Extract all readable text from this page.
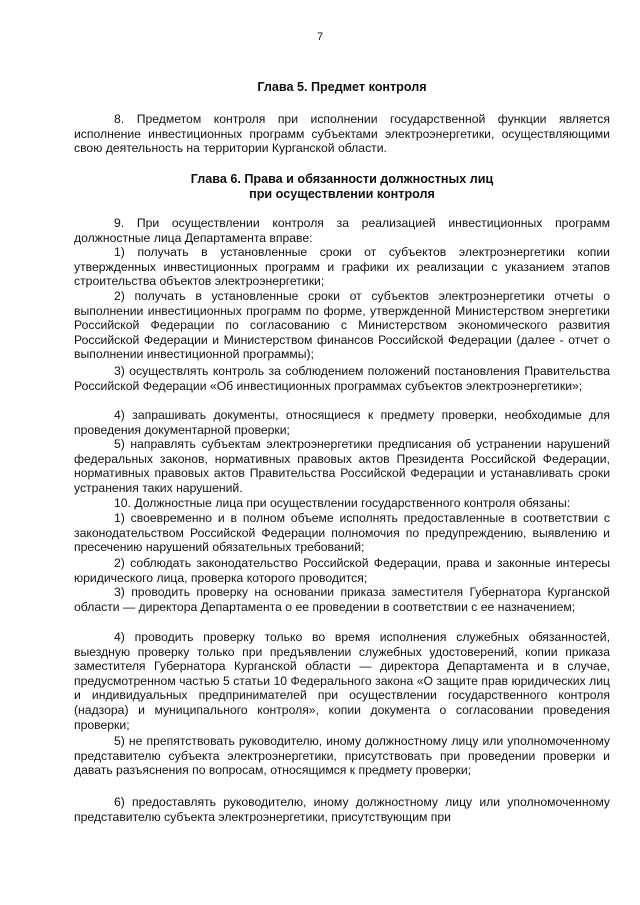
7
Глава 5. Предмет контроля
8. Предметом контроля при исполнении государственной функции является исполнение инвестиционных программ субъектами электроэнергетики, осуществляющими свою деятельность на территории Курганской области.
Глава 6. Права и обязанности должностных лиц
при осуществлении контроля
9. При осуществлении контроля за реализацией инвестиционных программ должностные лица Департамента вправе:
1) получать в установленные сроки от субъектов электроэнергетики копии утвержденных инвестиционных программ и графики их реализации с указанием этапов строительства объектов электроэнергетики;
2) получать в установленные сроки от субъектов электроэнергетики отчеты о выполнении инвестиционных программ по форме, утвержденной Министерством энергетики Российской Федерации по согласованию с Министерством экономического развития Российской Федерации и Министерством финансов Российской Федерации (далее - отчет о выполнении инвестиционной программы);
3) осуществлять контроль за соблюдением положений постановления Правительства Российской Федерации «Об инвестиционных программах субъектов электроэнергетики»;
4) запрашивать документы, относящиеся к предмету проверки, необходимые для проведения документарной проверки;
5) направлять субъектам электроэнергетики предписания об устранении нарушений федеральных законов, нормативных правовых актов Президента Российской Федерации, нормативных правовых актов Правительства Российской Федерации и устанавливать сроки устранения таких нарушений.
10. Должностные лица при осуществлении государственного контроля обязаны:
1) своевременно и в полном объеме исполнять предоставленные в соответствии с законодательством Российской Федерации полномочия по предупреждению, выявлению и пресечению нарушений обязательных требований;
2) соблюдать законодательство Российской Федерации, права и законные интересы юридического лица, проверка которого проводится;
3) проводить проверку на основании приказа заместителя Губернатора Курганской области — директора Департамента о ее проведении в соответствии с ее назначением;
4) проводить проверку только во время исполнения служебных обязанностей, выездную проверку только при предъявлении служебных удостоверений, копии приказа заместителя Губернатора Курганской области — директора Департамента и в случае, предусмотренном частью 5 статьи 10 Федерального закона «О защите прав юридических лиц и индивидуальных предпринимателей при осуществлении государственного контроля (надзора) и муниципального контроля», копии документа о согласовании проведения проверки;
5) не препятствовать руководителю, иному должностному лицу или уполномоченному представителю субъекта электроэнергетики, присутствовать при проведении проверки и давать разъяснения по вопросам, относящимся к предмету проверки;
6) предоставлять руководителю, иному должностному лицу или уполномоченному представителю субъекта электроэнергетики, присутствующим при
